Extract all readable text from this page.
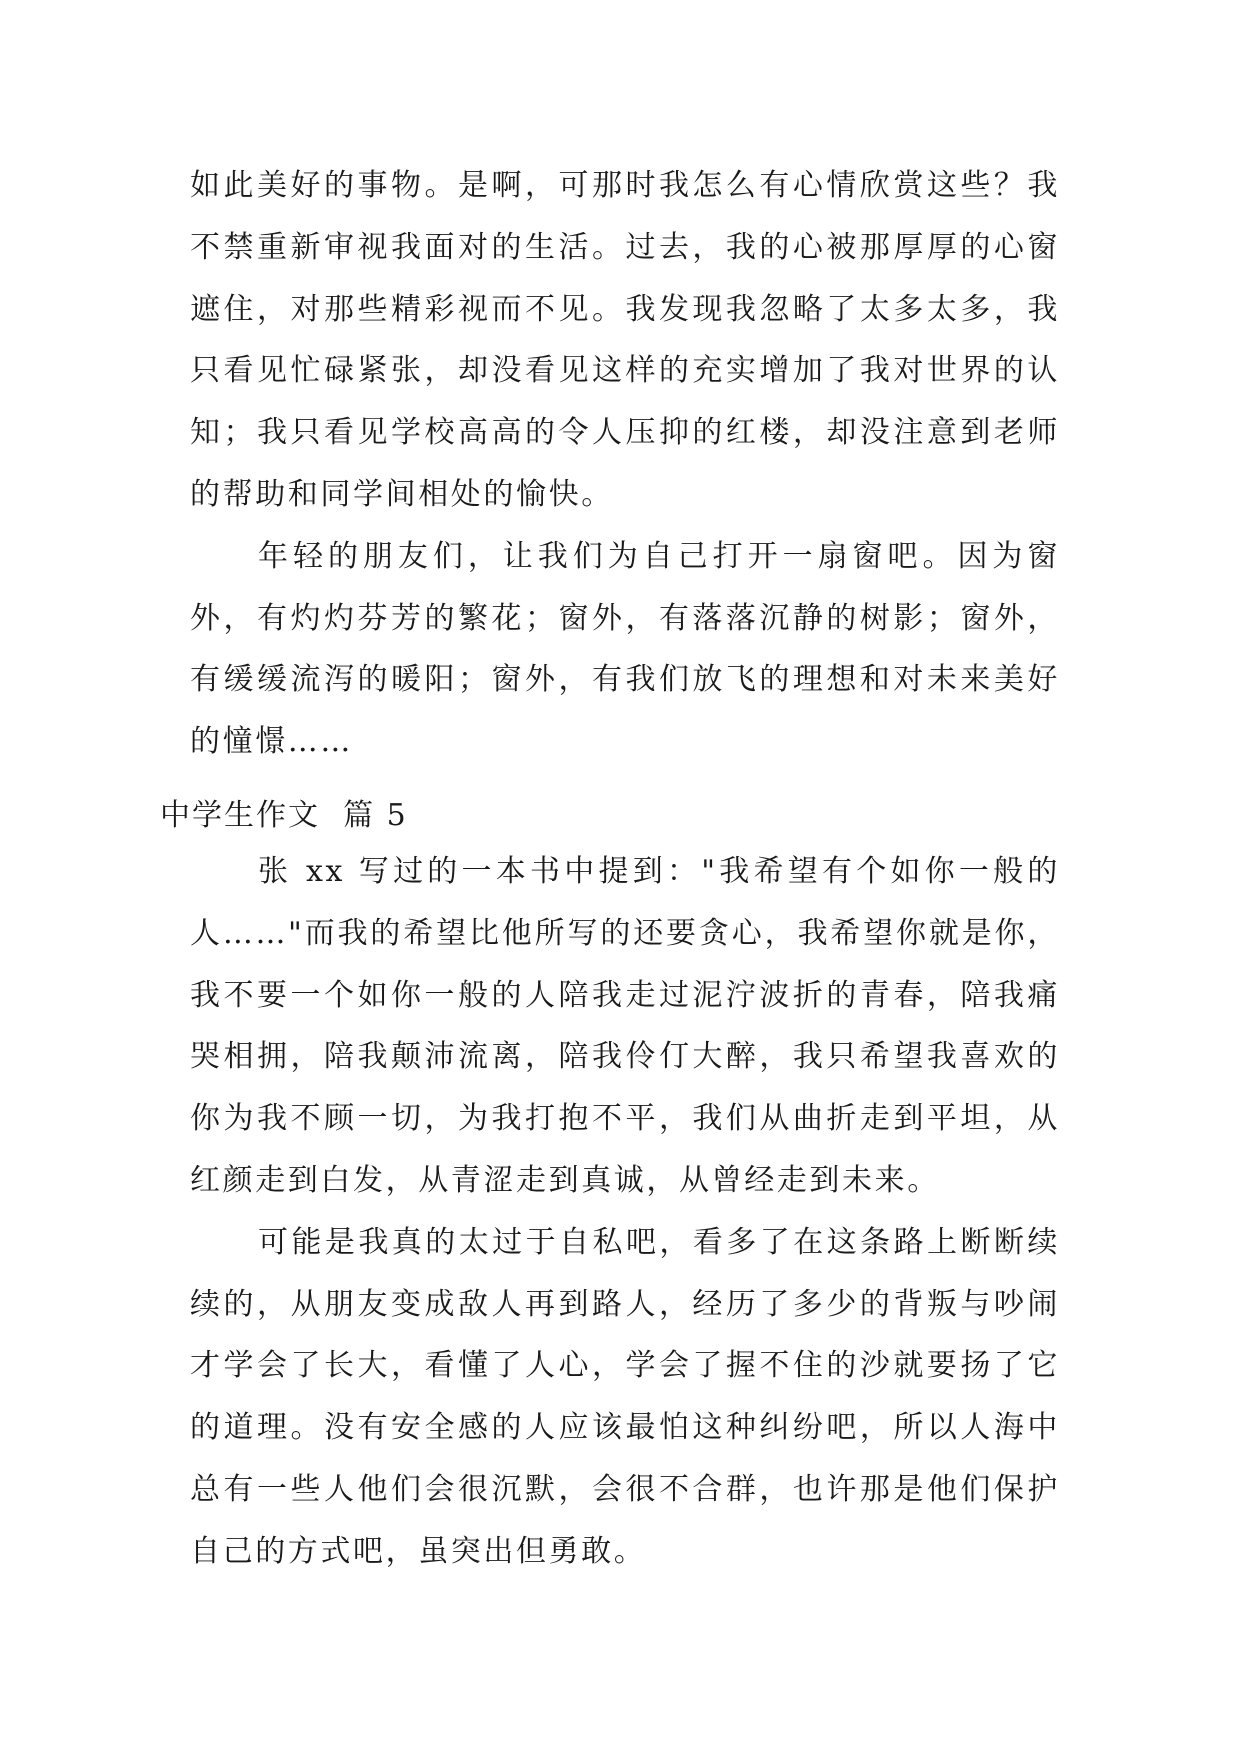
如此美好的事物。是啊，可那时我怎么有心情欣赏这些？我不禁重新审视我面对的生活。过去，我的心被那厚厚的心窗遮住，对那些精彩视而不见。我发现我忽略了太多太多，我只看见忙碌紧张，却没看见这样的充实增加了我对世界的认知；我只看见学校高高的令人压抑的红楼，却没注意到老师的帮助和同学间相处的愉快。

年轻的朋友们，让我们为自己打开一扇窗吧。因为窗外，有灼灼芬芳的繁花；窗外，有落落沉静的树影；窗外，有缓缓流泻的暖阳；窗外，有我们放飞的理想和对未来美好的憧憬……

中学生作文  篇 5

张 xx 写过的一本书中提到："我希望有个如你一般的人……"而我的希望比他所写的还要贪心，我希望你就是你，我不要一个如你一般的人陪我走过泥泞波折的青春，陪我痛哭相拥，陪我颠沛流离，陪我伶仃大醉，我只希望我喜欢的你为我不顾一切，为我打抱不平，我们从曲折走到平坦，从红颜走到白发，从青涩走到真诚，从曾经走到未来。

可能是我真的太过于自私吧，看多了在这条路上断断续续的，从朋友变成敌人再到路人，经历了多少的背叛与吵闹才学会了长大，看懂了人心，学会了握不住的沙就要扬了它的道理。没有安全感的人应该最怕这种纠纷吧，所以人海中总有一些人他们会很沉默，会很不合群，也许那是他们保护自己的方式吧，虽突出但勇敢。
